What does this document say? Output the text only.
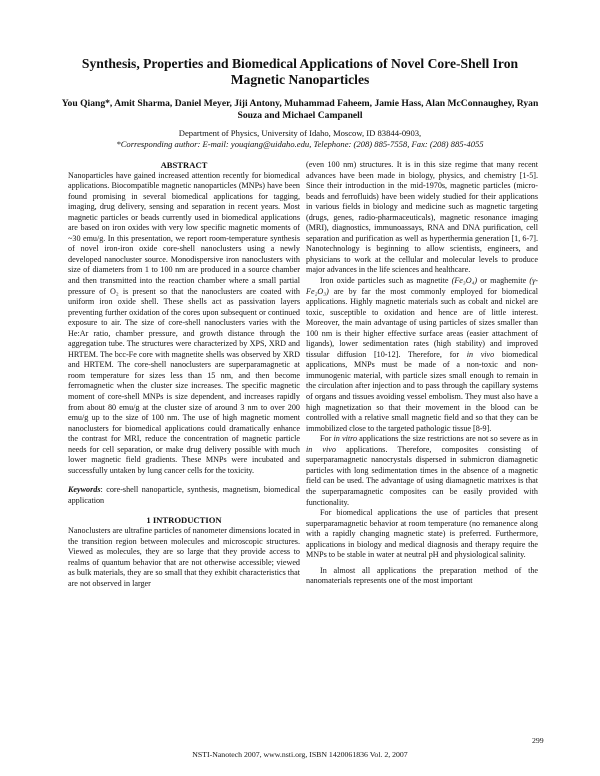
Synthesis, Properties and Biomedical Applications of Novel Core-Shell Iron Magnetic Nanoparticles
You Qiang*, Amit Sharma, Daniel Meyer, Jiji Antony, Muhammad Faheem, Jamie Hass, Alan McConnaughey, Ryan Souza and Michael Campanell
Department of Physics, University of Idaho, Moscow, ID 83844-0903,
*Corresponding author: E-mail: youqiang@uidaho.edu, Telephone: (208) 885-7558, Fax: (208) 885-4055

ABSTRACT

Nanoparticles have gained increased attention recently for biomedical applications. Biocompatible magnetic nanoparticles (MNPs) have been found promising in several biomedical applications for tagging, imaging, drug delivery, sensing and separation in recent years. Most magnetic particles or beads currently used in biomedical applications are based on iron oxides with very low specific magnetic moments of ~30 emu/g. In this presentation, we report room-temperature synthesis of novel iron-iron oxide core-shell nanoclusters using a newly developed nanocluster source. Monodispersive iron nanoclusters with size of diameters from 1 to 100 nm are produced in a source chamber and then transmitted into the reaction chamber where a small partial pressure of O₂ is present so that the nanoclusters are coated with uniform iron oxide shell. These shells act as passivation layers preventing further oxidation of the cores upon subsequent or continued exposure to air. The size of core-shell nanoclusters varies with the He:Ar ratio, chamber pressure, and growth distance through the aggregation tube. The structures were characterized by XPS, XRD and HRTEM. The bcc-Fe core with magnetite shells was observed by XRD and HRTEM. The core-shell nanoclusters are superparamagnetic at room temperature for sizes less than 15 nm, and then become ferromagnetic when the cluster size increases. The specific magnetic moment of core-shell MNPs is size dependent, and increases rapidly from about 80 emu/g at the cluster size of around 3 nm to over 200 emu/g up to the size of 100 nm. The use of high magnetic moment nanoclusters for biomedical applications could dramatically enhance the contrast for MRI, reduce the concentration of magnetic particle needs for cell separation, or make drug delivery possible with much lower magnetic field gradients. These MNPs were incubated and successfully untaken by lung cancer cells for the toxicity.

Keywords: core-shell nanoparticle, synthesis, magnetism, biomedical application

1 INTRODUCTION

Nanoclusters are ultrafine particles of nanometer dimensions located in the transition region between molecules and microscopic structures. Viewed as molecules, they are so large that they provide access to realms of quantum behavior that are not otherwise accessible; viewed as bulk materials, they are so small that they exhibit characteristics that are not observed in larger

(even 100 nm) structures. It is in this size regime that many recent advances have been made in biology, physics, and chemistry [1-5]. Since their introduction in the mid-1970s, magnetic particles (micro-beads and ferrofluids) have been widely studied for their applications in various fields in biology and medicine such as magnetic targeting (drugs, genes, radio-pharmaceuticals), magnetic resonance imaging (MRI), diagnostics, immunoassays, RNA and DNA purification, cell separation and purification as well as hyperthermia generation [1, 6-7]. Nanotechnology is beginning to allow scientists, engineers, and physicians to work at the cellular and molecular levels to produce major advances in the life sciences and healthcare.

Iron oxide particles such as magnetite (Fe₃O₄) or maghemite (γ-Fe₂O₃) are by far the most commonly employed for biomedical applications. Highly magnetic materials such as cobalt and nickel are toxic, susceptible to oxidation and hence are of little interest. Moreover, the main advantage of using particles of sizes smaller than 100 nm is their higher effective surface areas (easier attachment of ligands), lower sedimentation rates (high stability) and improved tissular diffusion [10-12]. Therefore, for in vivo biomedical applications, MNPs must be made of a non-toxic and non-immunogenic material, with particle sizes small enough to remain in the circulation after injection and to pass through the capillary systems of organs and tissues avoiding vessel embolism. They must also have a high magnetization so that their movement in the blood can be controlled with a relative small magnetic field and so that they can be immobilized close to the targeted pathologic tissue [8-9].

For in vitro applications the size restrictions are not so severe as in in vivo applications. Therefore, composites consisting of superparamagnetic nanocrystals dispersed in submicron diamagnetic particles with long sedimentation times in the absence of a magnetic field can be used. The advantage of using diamagnetic matrixes is that the superparamagnetic composites can be easily provided with functionality.

For biomedical applications the use of particles that present superparamagnetic behavior at room temperature (no remanence along with a rapidly changing magnetic state) is preferred. Furthermore, applications in biology and medical diagnosis and therapy require the MNPs to be stable in water at neutral pH and physiological salinity.

In almost all applications the preparation method of the nanomaterials represents one of the most important

299
NSTI-Nanotech 2007, www.nsti.org, ISBN 1420061836 Vol. 2, 2007
